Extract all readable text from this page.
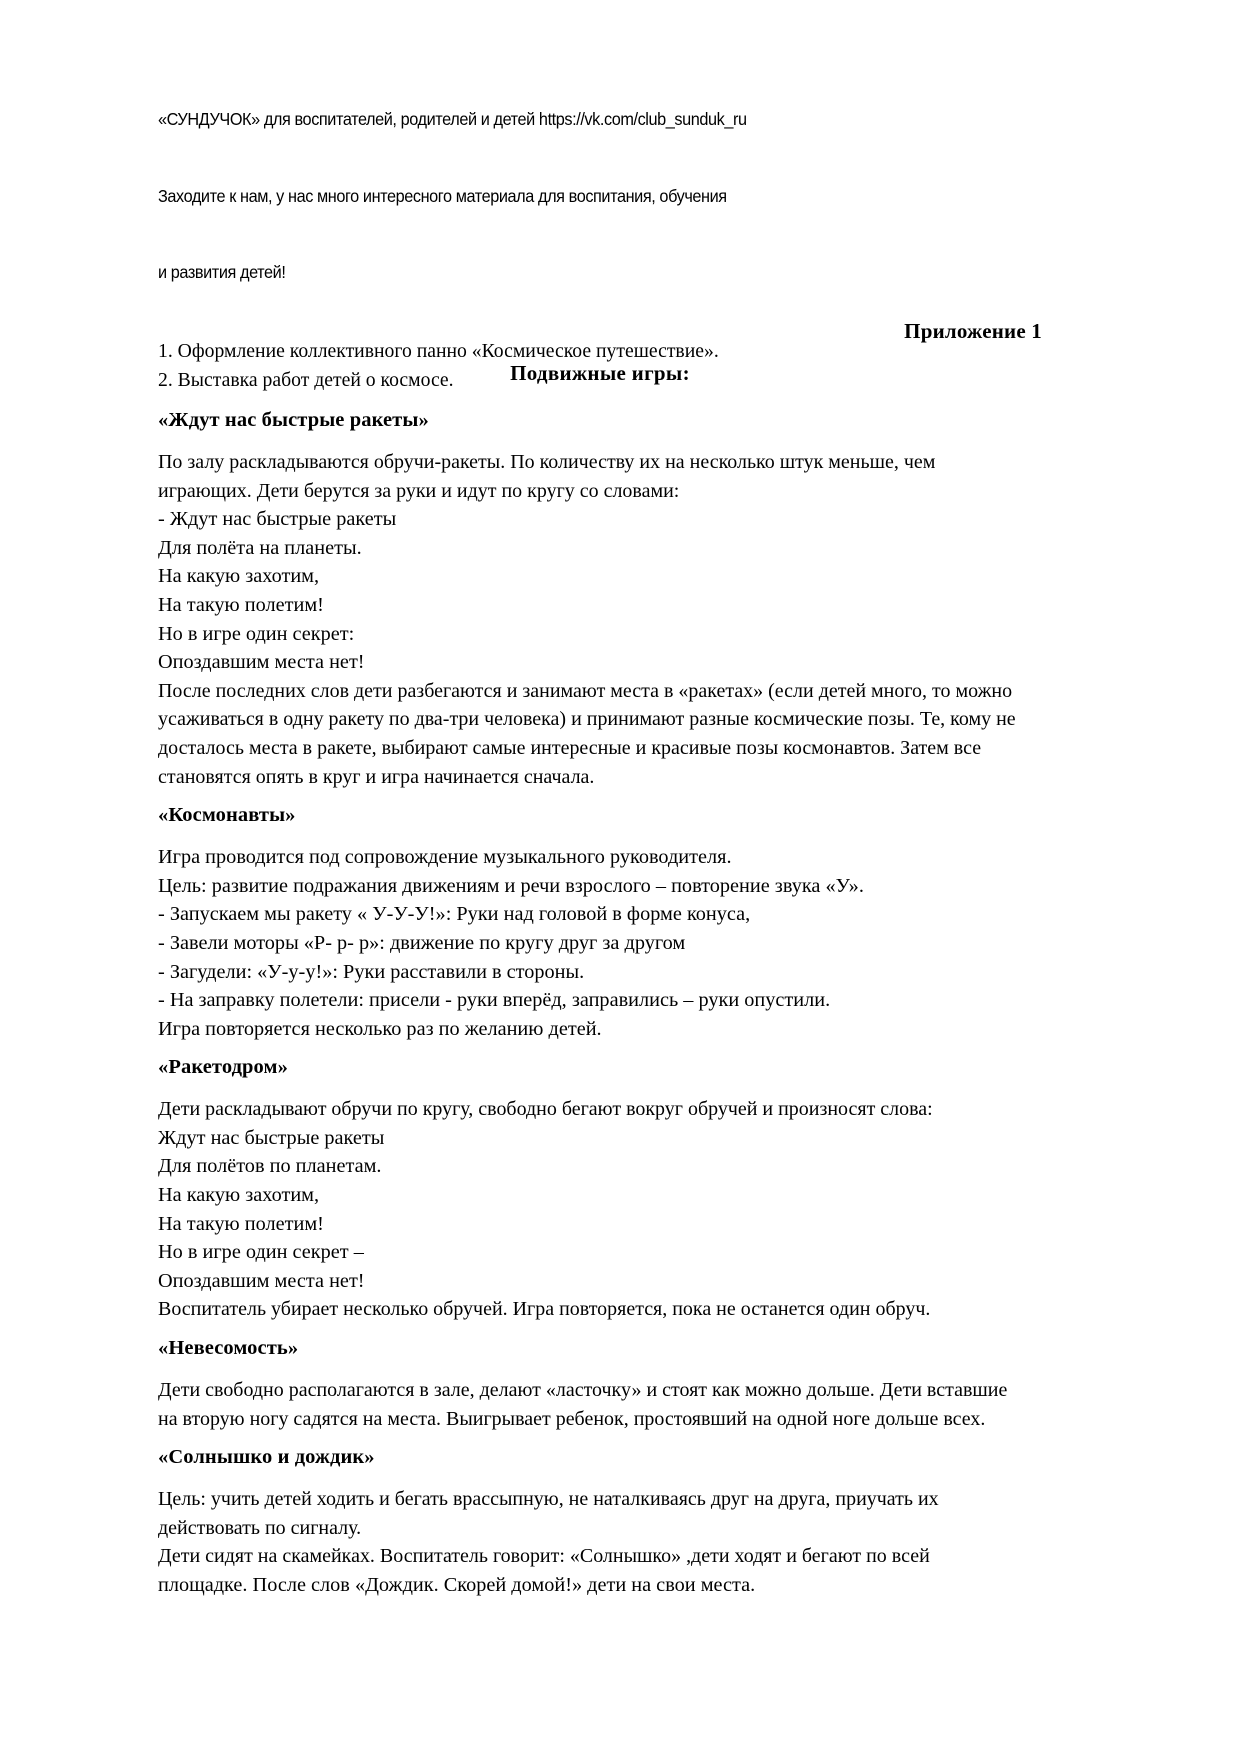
«СУНДУЧОК» для воспитателей, родителей и детей https://vk.com/club_sunduk_ru

Заходите к нам, у нас много интересного материала для воспитания, обучения

и развития детей!

1. Оформление коллективного панно «Космическое путешествие».
2. Выставка работ детей о космосе.
Приложение 1
Подвижные игры:
«Ждут нас быстрые ракеты»

По залу раскладываются обручи-ракеты. По количеству их на несколько штук меньше, чем играющих. Дети берутся за руки и идут по кругу со словами:

- Ждут нас быстрые ракеты
Для полёта на планеты.
На какую захотим,
На такую полетим!
Но в игре один секрет:
Опоздавшим места нет!

После последних слов дети разбегаются и занимают места в «ракетах» (если детей много, то можно усаживаться в одну ракету по два-три человека) и принимают разные космические позы. Те, кому не досталось места в ракете, выбирают самые интересные и красивые позы космонавтов. Затем все становятся опять в круг и игра начинается сначала.

«Космонавты»
Игра проводится под сопровождение музыкального руководителя.
Цель: развитие подражания движениям и речи взрослого – повторение звука «У».
- Запускаем мы ракету « У-У-У!»: Руки над головой в форме конуса,
- Завели моторы «Р- р- р»: движение по кругу друг за другом
- Загудели: «У-у-у!»: Руки расставили в стороны.
- На заправку полетели: присели - руки вперёд, заправились – руки опустили.
Игра повторяется несколько раз по желанию детей.
«Ракетодром»
Дети раскладывают обручи по кругу, свободно бегают вокруг обручей и произносят слова:
Ждут нас быстрые ракеты
Для полётов по планетам.
На какую захотим,
На такую полетим!
Но в игре один секрет –
Опоздавшим места нет!
Воспитатель убирает несколько обручей. Игра повторяется, пока не останется один обруч.
«Невесомость»

Дети свободно располагаются в зале, делают «ласточку» и стоят как можно дольше. Дети вставшие на вторую ногу садятся на места. Выигрывает ребенок, простоявший на одной ноге дольше всех.

«Солнышко и дождик»

Цель: учить детей ходить и бегать врассыпную, не наталкиваясь друг на друга, приучать их действовать по сигналу.

Дети сидят на скамейках. Воспитатель говорит: «Солнышко» ,дети ходят и бегают по всей
площадке. После слов «Дождик. Скорей домой!» дети на свои места.
